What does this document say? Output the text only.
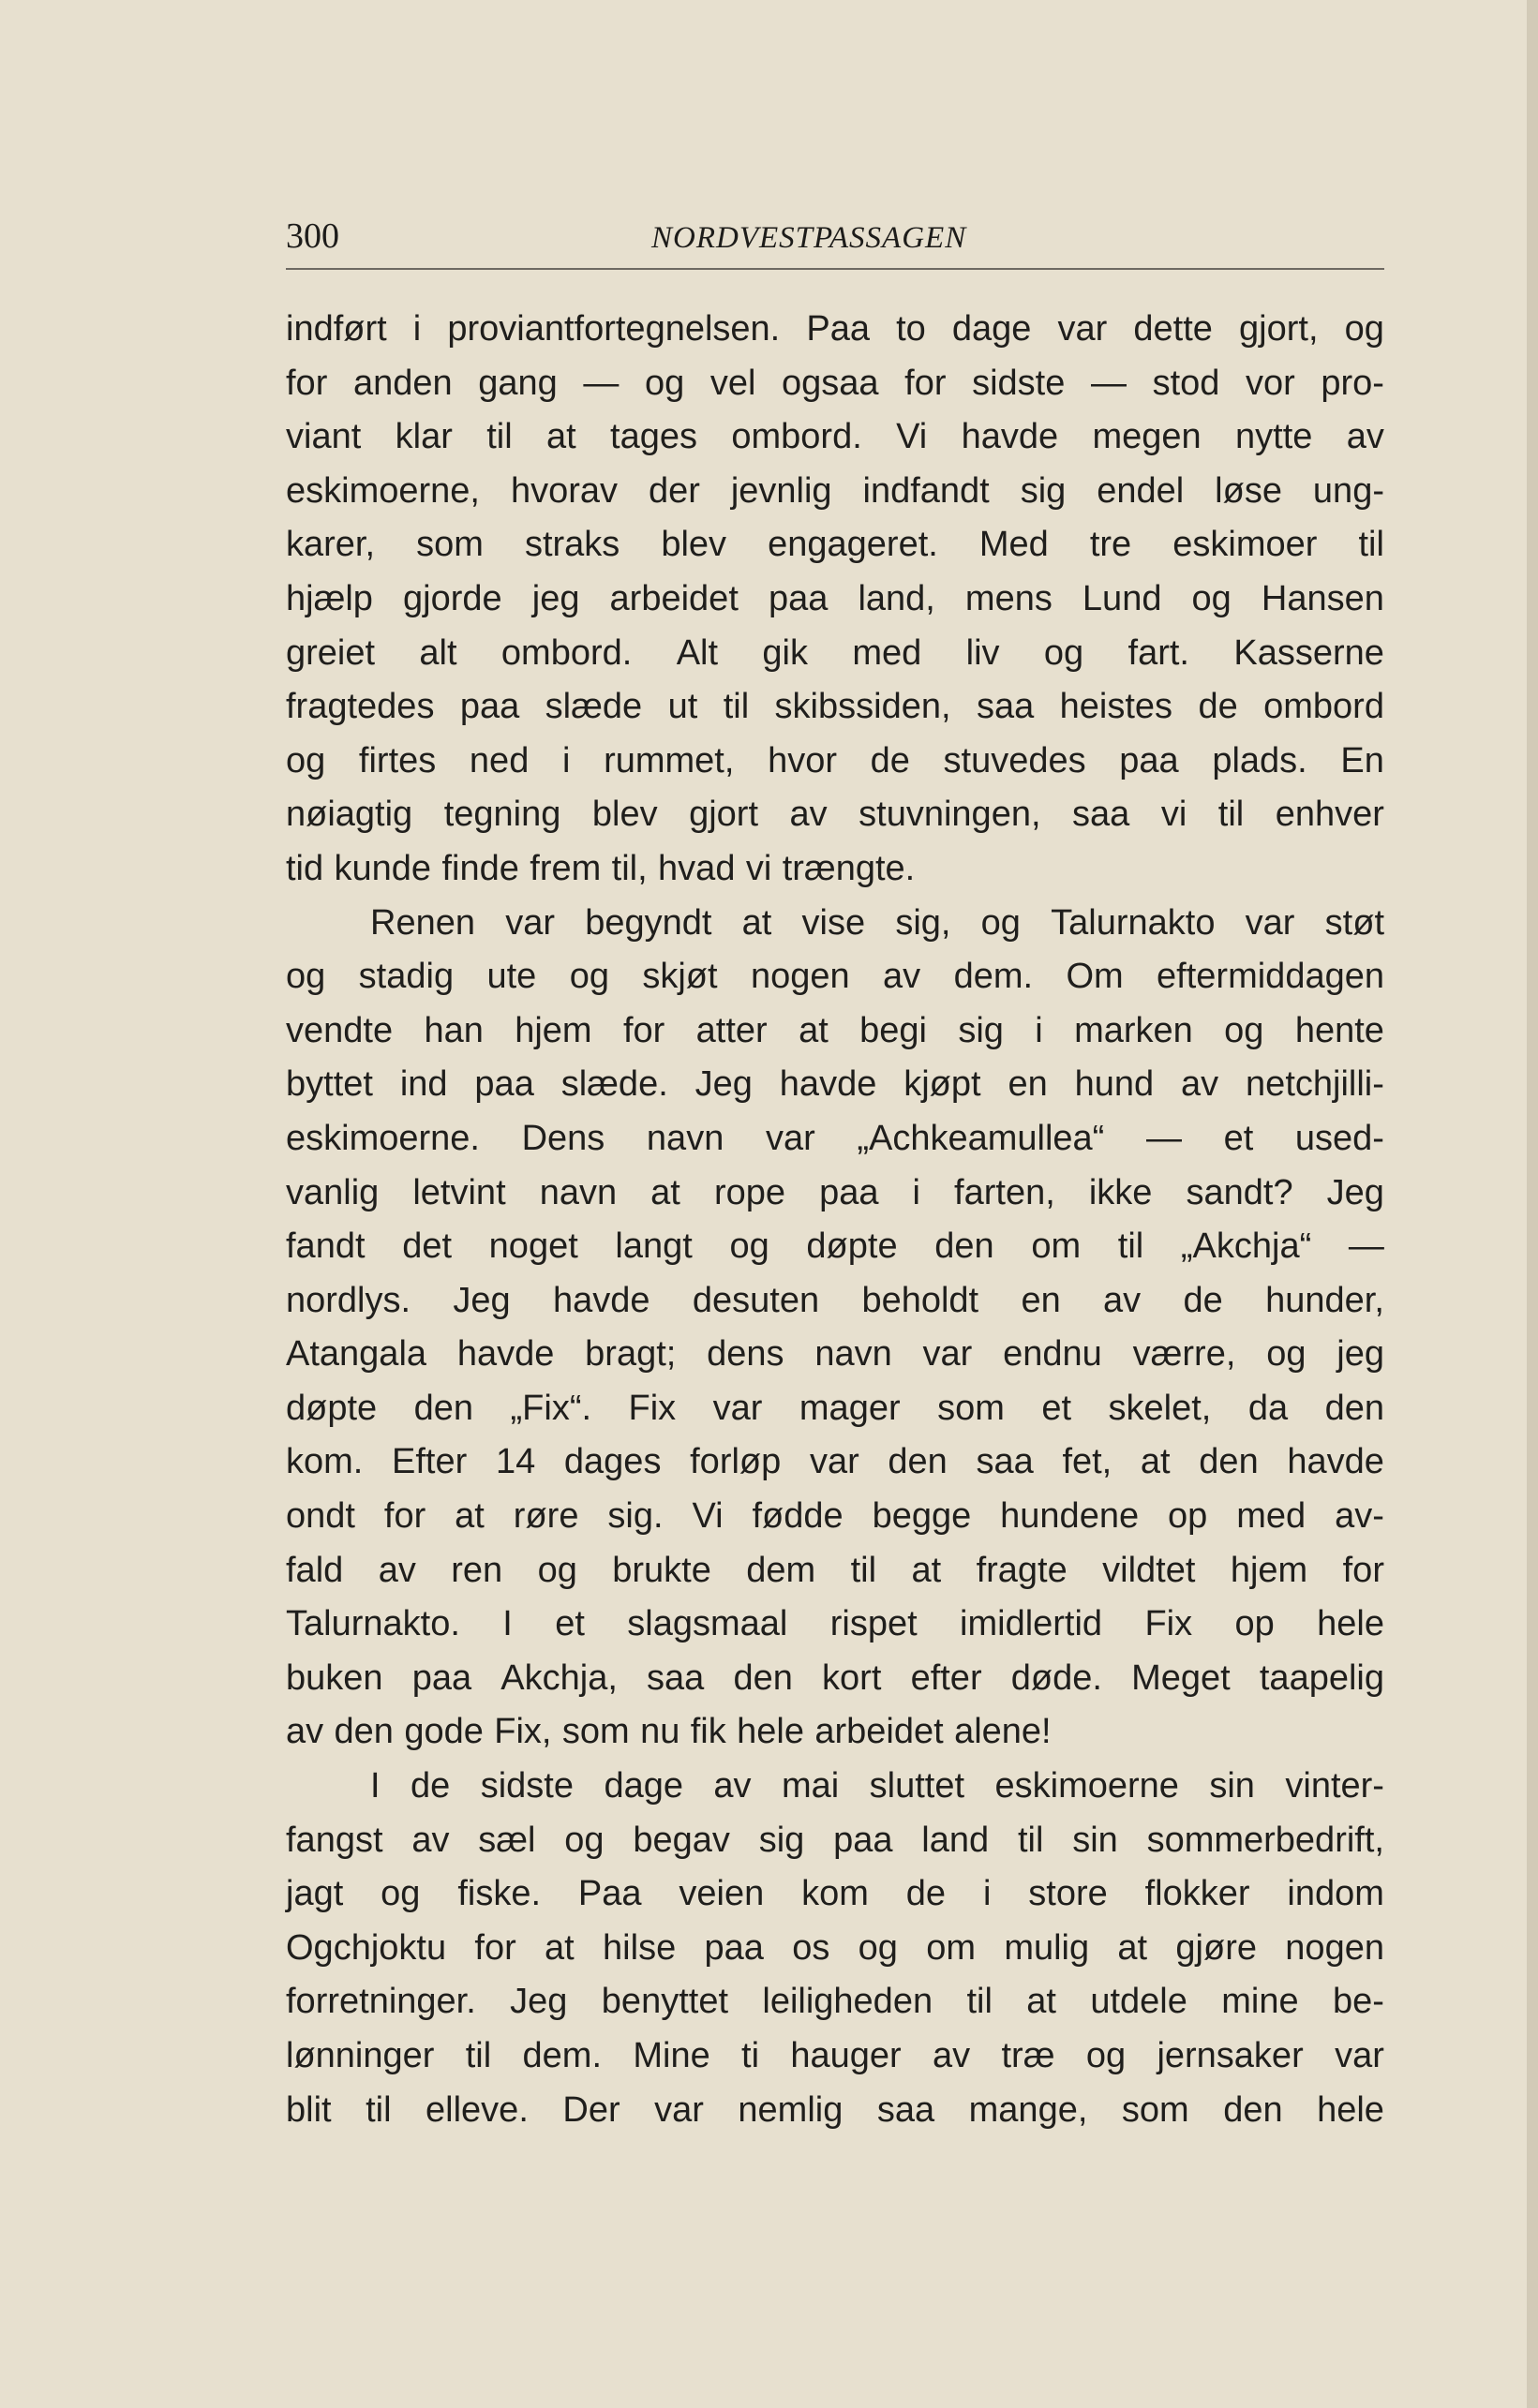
300	NORDVESTPASSAGEN
indført i proviantfortegnelsen. Paa to dage var dette gjort, og
for anden gang — og vel ogsaa for sidste — stod vor pro-
viant klar til at tages ombord. Vi havde megen nytte av
eskimoerne, hvorav der jevnlig indfandt sig endel løse ung-
karer, som straks blev engageret. Med tre eskimoer til
hjælp gjorde jeg arbeidet paa land, mens Lund og Hansen
greiet alt ombord. Alt gik med liv og fart. Kasserne
fragtedes paa slæde ut til skibssiden, saa heistes de ombord
og firtes ned i rummet, hvor de stuvedes paa plads. En
nøiagtig tegning blev gjort av stuvningen, saa vi til enhver
tid kunde finde frem til, hvad vi trængte.
Renen var begyndt at vise sig, og Talurnakto var støt
og stadig ute og skjøt nogen av dem. Om eftermiddagen
vendte han hjem for atter at begi sig i marken og hente
byttet ind paa slæde. Jeg havde kjøpt en hund av netchjilli-
eskimoerne. Dens navn var „Achkeamullea“ — et used-
vanlig letvint navn at rope paa i farten, ikke sandt? Jeg
fandt det noget langt og døpte den om til „Akchja“ —
nordlys. Jeg havde desuten beholdt en av de hunder,
Atangala havde bragt; dens navn var endnu værre, og jeg
døpte den „Fix“. Fix var mager som et skelet, da den
kom. Efter 14 dages forløp var den saa fet, at den havde
ondt for at røre sig. Vi fødde begge hundene op med av-
fald av ren og brukte dem til at fragte vildtet hjem for
Talurnakto. I et slagsmaal rispet imidlertid Fix op hele
buken paa Akchja, saa den kort efter døde. Meget taapelig
av den gode Fix, som nu fik hele arbeidet alene!
I de sidste dage av mai sluttet eskimoerne sin vinter-
fangst av sæl og begav sig paa land til sin sommerbedrift,
jagt og fiske. Paa veien kom de i store flokker indom
Ogchjoktu for at hilse paa os og om mulig at gjøre nogen
forretninger. Jeg benyttet leiligheden til at utdele mine be-
lønninger til dem. Mine ti hauger av træ og jernsaker var
blit til elleve. Der var nemlig saa mange, som den hele
